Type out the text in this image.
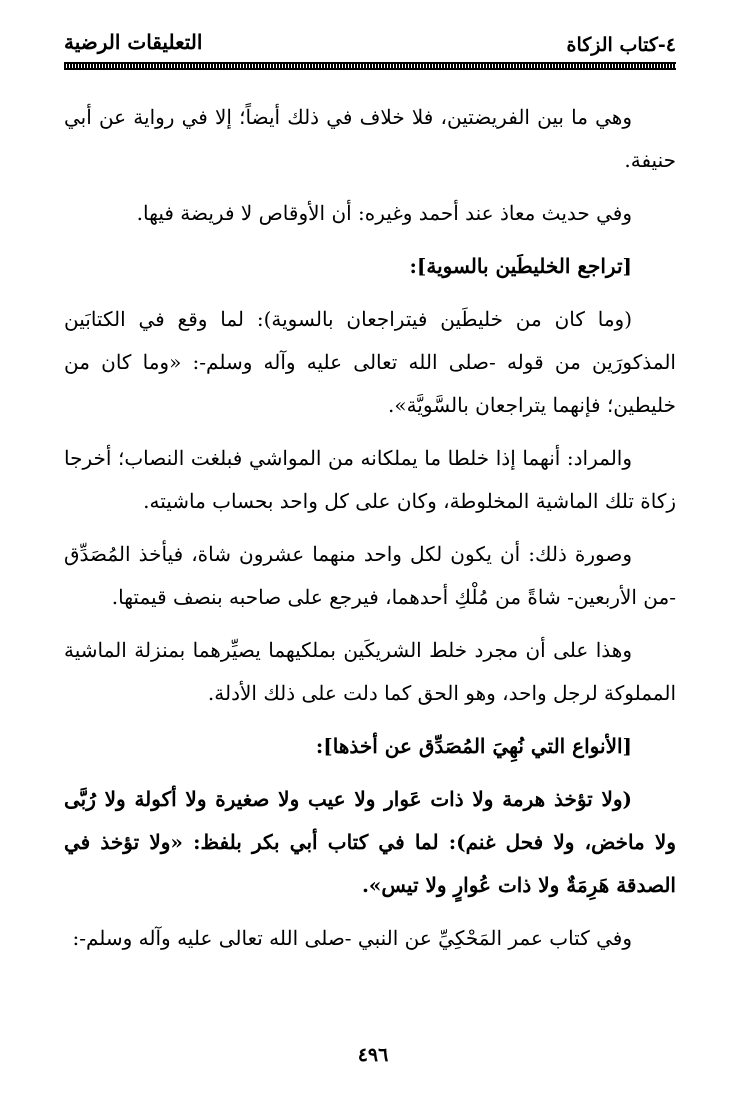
٤-كتاب الزكاة
التعليقات الرضية

وهي ما بين الفريضتين، فلا خلاف في ذلك أيضاً؛ إلا في رواية عن أبي حنيفة.

وفي حديث معاذ عند أحمد وغيره: أن الأوقاص لا فريضة فيها.

[تراجع الخليطَين بالسوية]:

(وما كان من خليطَين فيتراجعان بالسوية): لما وقع في الكتابَين المذكورَين من قوله -صلى الله تعالى عليه وآله وسلم-: «وما كان من خليطين؛ فإنهما يتراجعان بالسَّويَّة».

والمراد: أنهما إذا خلطا ما يملكانه من المواشي فبلغت النصاب؛ أخرجا زكاة تلك الماشية المخلوطة، وكان على كل واحد بحساب ماشيته.

وصورة ذلك: أن يكون لكل واحد منهما عشرون شاة، فيأخذ المُصَدِّق -من الأربعين- شاةً من مُلْكِ أحدهما، فيرجع على صاحبه بنصف قيمتها.

وهذا على أن مجرد خلط الشريكَين بملكيهما يصيِّرهما بمنزلة الماشية المملوكة لرجل واحد، وهو الحق كما دلت على ذلك الأدلة.

[الأنواع التي نُهِيَ المُصَدِّق عن أخذها]:

(ولا تؤخذ هرمة ولا ذات عَوار ولا عيب ولا صغيرة ولا أكولة ولا رُبَّى ولا ماخض، ولا فحل غنم): لما في كتاب أبي بكر بلفظ: «ولا تؤخذ في الصدقة هَرِمَةٌ ولا ذات عُوارٍ ولا تيس».

وفي كتاب عمر المَحْكِيِّ عن النبي -صلى الله تعالى عليه وآله وسلم-:

٤٩٦
